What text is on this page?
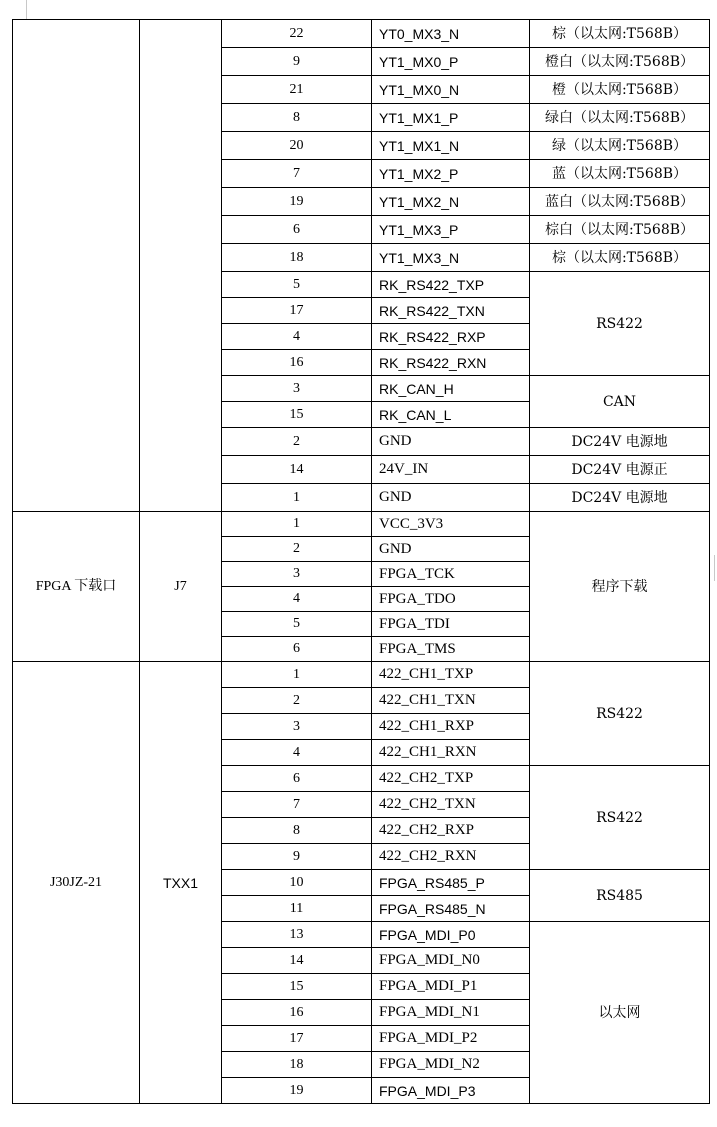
		22	YT0_MX3_N	棕（以太网:T568B）
		9	YT1_MX0_P	橙白（以太网:T568B）
		21	YT1_MX0_N	橙（以太网:T568B）
		8	YT1_MX1_P	绿白（以太网:T568B）
		20	YT1_MX1_N	绿（以太网:T568B）
		7	YT1_MX2_P	蓝（以太网:T568B）
		19	YT1_MX2_N	蓝白（以太网:T568B）
		6	YT1_MX3_P	棕白（以太网:T568B）
		18	YT1_MX3_N	棕（以太网:T568B）
		5	RK_RS422_TXP	RS422
		17	RK_RS422_TXN	
		4	RK_RS422_RXP	
		16	RK_RS422_RXN	
		3	RK_CAN_H	CAN
		15	RK_CAN_L	
		2	GND	DC24V 电源地
		14	24V_IN	DC24V 电源正
		1	GND	DC24V 电源地
FPGA 下载口	J7	1	VCC_3V3	程序下载
		2	GND	
		3	FPGA_TCK	
		4	FPGA_TDO	
		5	FPGA_TDI	
		6	FPGA_TMS	
J30JZ-21	TXX1	1	422_CH1_TXP	RS422
		2	422_CH1_TXN	
		3	422_CH1_RXP	
		4	422_CH1_RXN	
		6	422_CH2_TXP	RS422
		7	422_CH2_TXN	
		8	422_CH2_RXP	
		9	422_CH2_RXN	
		10	FPGA_RS485_P	RS485
		11	FPGA_RS485_N	
		13	FPGA_MDI_P0	以太网
		14	FPGA_MDI_N0	
		15	FPGA_MDI_P1	
		16	FPGA_MDI_N1	
		17	FPGA_MDI_P2	
		18	FPGA_MDI_N2	
		19	FPGA_MDI_P3	
